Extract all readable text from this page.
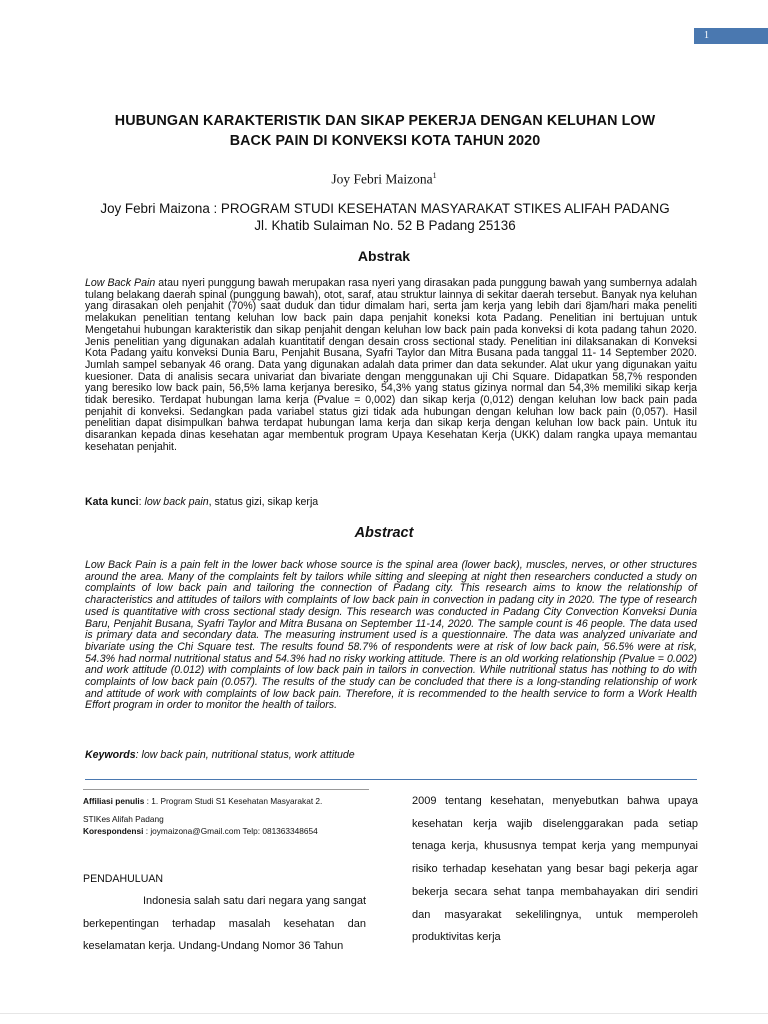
1
HUBUNGAN KARAKTERISTIK DAN SIKAP PEKERJA DENGAN KELUHAN LOW
BACK PAIN DI KONVEKSI KOTA TAHUN 2020
Joy Febri Maizona$^1$
Joy Febri Maizona : PROGRAM STUDI KESEHATAN MASYARAKAT STIKES ALIFAH PADANG
Jl. Khatib Sulaiman No. 52 B Padang 25136
Abstrak
Low Back Pain atau nyeri punggung bawah merupakan rasa nyeri yang dirasakan pada punggung bawah yang sumbernya adalah tulang belakang daerah spinal (punggung bawah), otot, saraf, atau struktur lainnya di sekitar daerah tersebut. Banyak nya keluhan yang dirasakan oleh penjahit (70%) saat duduk dan tidur dimalam hari, serta jam kerja yang lebih dari 8jam/hari maka peneliti melakukan penelitian tentang keluhan low back pain dapa penjahit koneksi kota Padang. Penelitian ini bertujuan untuk Mengetahui hubungan karakteristik dan sikap penjahit dengan keluhan low back pain pada konveksi di kota padang tahun 2020. Jenis penelitian yang digunakan adalah kuantitatif dengan desain cross sectional stady. Penelitian ini dilaksanakan di Konveksi Kota Padang yaitu konveksi Dunia Baru, Penjahit Busana, Syafri Taylor dan Mitra Busana pada tanggal 11- 14 September 2020. Jumlah sampel sebanyak 46 orang. Data yang digunakan adalah data primer dan data sekunder. Alat ukur yang digunakan yaitu kuesioner. Data di analisis secara univariat dan bivariate dengan menggunakan uji Chi Square. Didapatkan 58,7% responden yang beresiko low back pain, 56,5% lama kerjanya beresiko, 54,3% yang status gizinya normal dan 54,3% memiliki sikap kerja tidak beresiko. Terdapat hubungan lama kerja (Pvalue = 0,002) dan sikap kerja (0,012) dengan keluhan low back pain pada penjahit di konveksi. Sedangkan pada variabel status gizi tidak ada hubungan dengan keluhan low back pain (0,057). Hasil penelitian dapat disimpulkan bahwa terdapat hubungan lama kerja dan sikap kerja dengan keluhan low back pain. Untuk itu disarankan kepada dinas kesehatan agar membentuk program Upaya Kesehatan Kerja (UKK) dalam rangka upaya memantau kesehatan penjahit.
Kata kunci: low back pain, status gizi, sikap kerja
Abstract
Low Back Pain is a pain felt in the lower back whose source is the spinal area (lower back), muscles, nerves, or other structures around the area. Many of the complaints felt by tailors while sitting and sleeping at night then researchers conducted a study on complaints of low back pain and tailoring the connection of Padang city. This research aims to know the relationship of characteristics and attitudes of tailors with complaints of low back pain in convection in padang city in 2020. The type of research used is quantitative with cross sectional stady design. This research was conducted in Padang City Convection Konveksi Dunia Baru, Penjahit Busana, Syafri Taylor and Mitra Busana on September 11-14, 2020. The sample count is 46 people. The data used is primary data and secondary data. The measuring instrument used is a questionnaire. The data was analyzed univariate and bivariate using the Chi Square test. The results found 58.7% of respondents were at risk of low back pain, 56.5% were at risk, 54.3% had normal nutritional status and 54.3% had no risky working attitude. There is an old working relationship (Pvalue = 0.002) and work attitude (0.012) with complaints of low back pain in tailors in convection. While nutritional status has nothing to do with complaints of low back pain (0.057). The results of the study can be concluded that there is a long-standing relationship of work and attitude of work with complaints of low back pain. Therefore, it is recommended to the health service to form a Work Health Effort program in order to monitor the health of tailors.
Keywords: low back pain, nutritional status, work attitude
Affiliasi penulis : 1. Program Studi S1 Kesehatan Masyarakat 2.
STIKes Alifah Padang
Korespondensi : joymaizona@Gmail.com Telp: 081363348654
PENDAHULUAN

Indonesia salah satu dari negara yang sangat berkepentingan terhadap masalah kesehatan dan keselamatan kerja. Undang-Undang Nomor 36 Tahun

2009 tentang kesehatan, menyebutkan bahwa upaya kesehatan kerja wajib diselenggarakan pada setiap tenaga kerja, khususnya tempat kerja yang mempunyai risiko terhadap kesehatan yang besar bagi pekerja agar bekerja secara sehat tanpa membahayakan diri sendiri dan masyarakat sekelilingnya, untuk memperoleh produktivitas kerja
